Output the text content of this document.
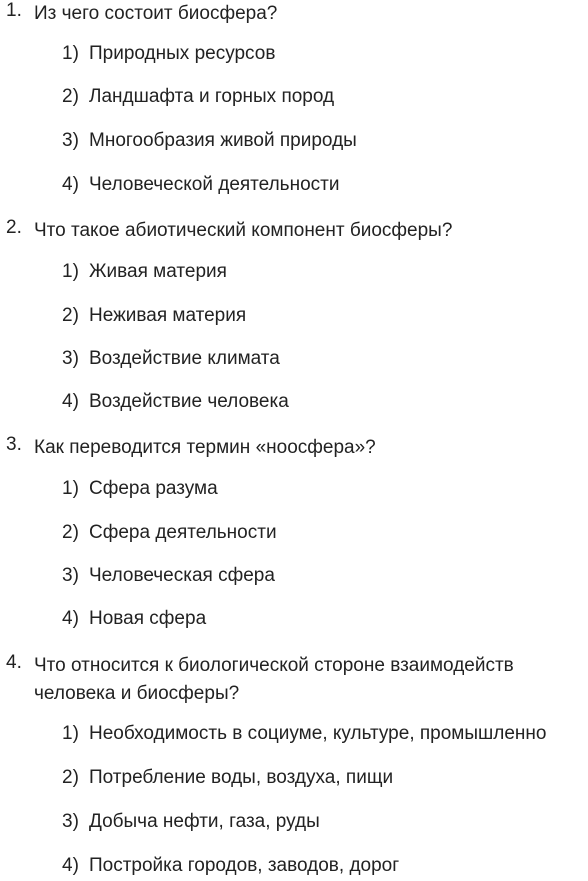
1. Из чего состоит биосфера?
1) Природных ресурсов
2) Ландшафта и горных пород
3) Многообразия живой природы
4) Человеческой деятельности
2. Что такое абиотический компонент биосферы?
1) Живая материя
2) Неживая материя
3) Воздействие климата
4) Воздействие человека
3. Как переводится термин «ноосфера»?
1) Сфера разума
2) Сфера деятельности
3) Человеческая сфера
4) Новая сфера
4. Что относится к биологической стороне взаимодейств
человека и биосферы?
1) Необходимость в социуме, культуре, промышленно
2) Потребление воды, воздуха, пищи
3) Добыча нефти, газа, руды
4) Постройка городов, заводов, дорог
